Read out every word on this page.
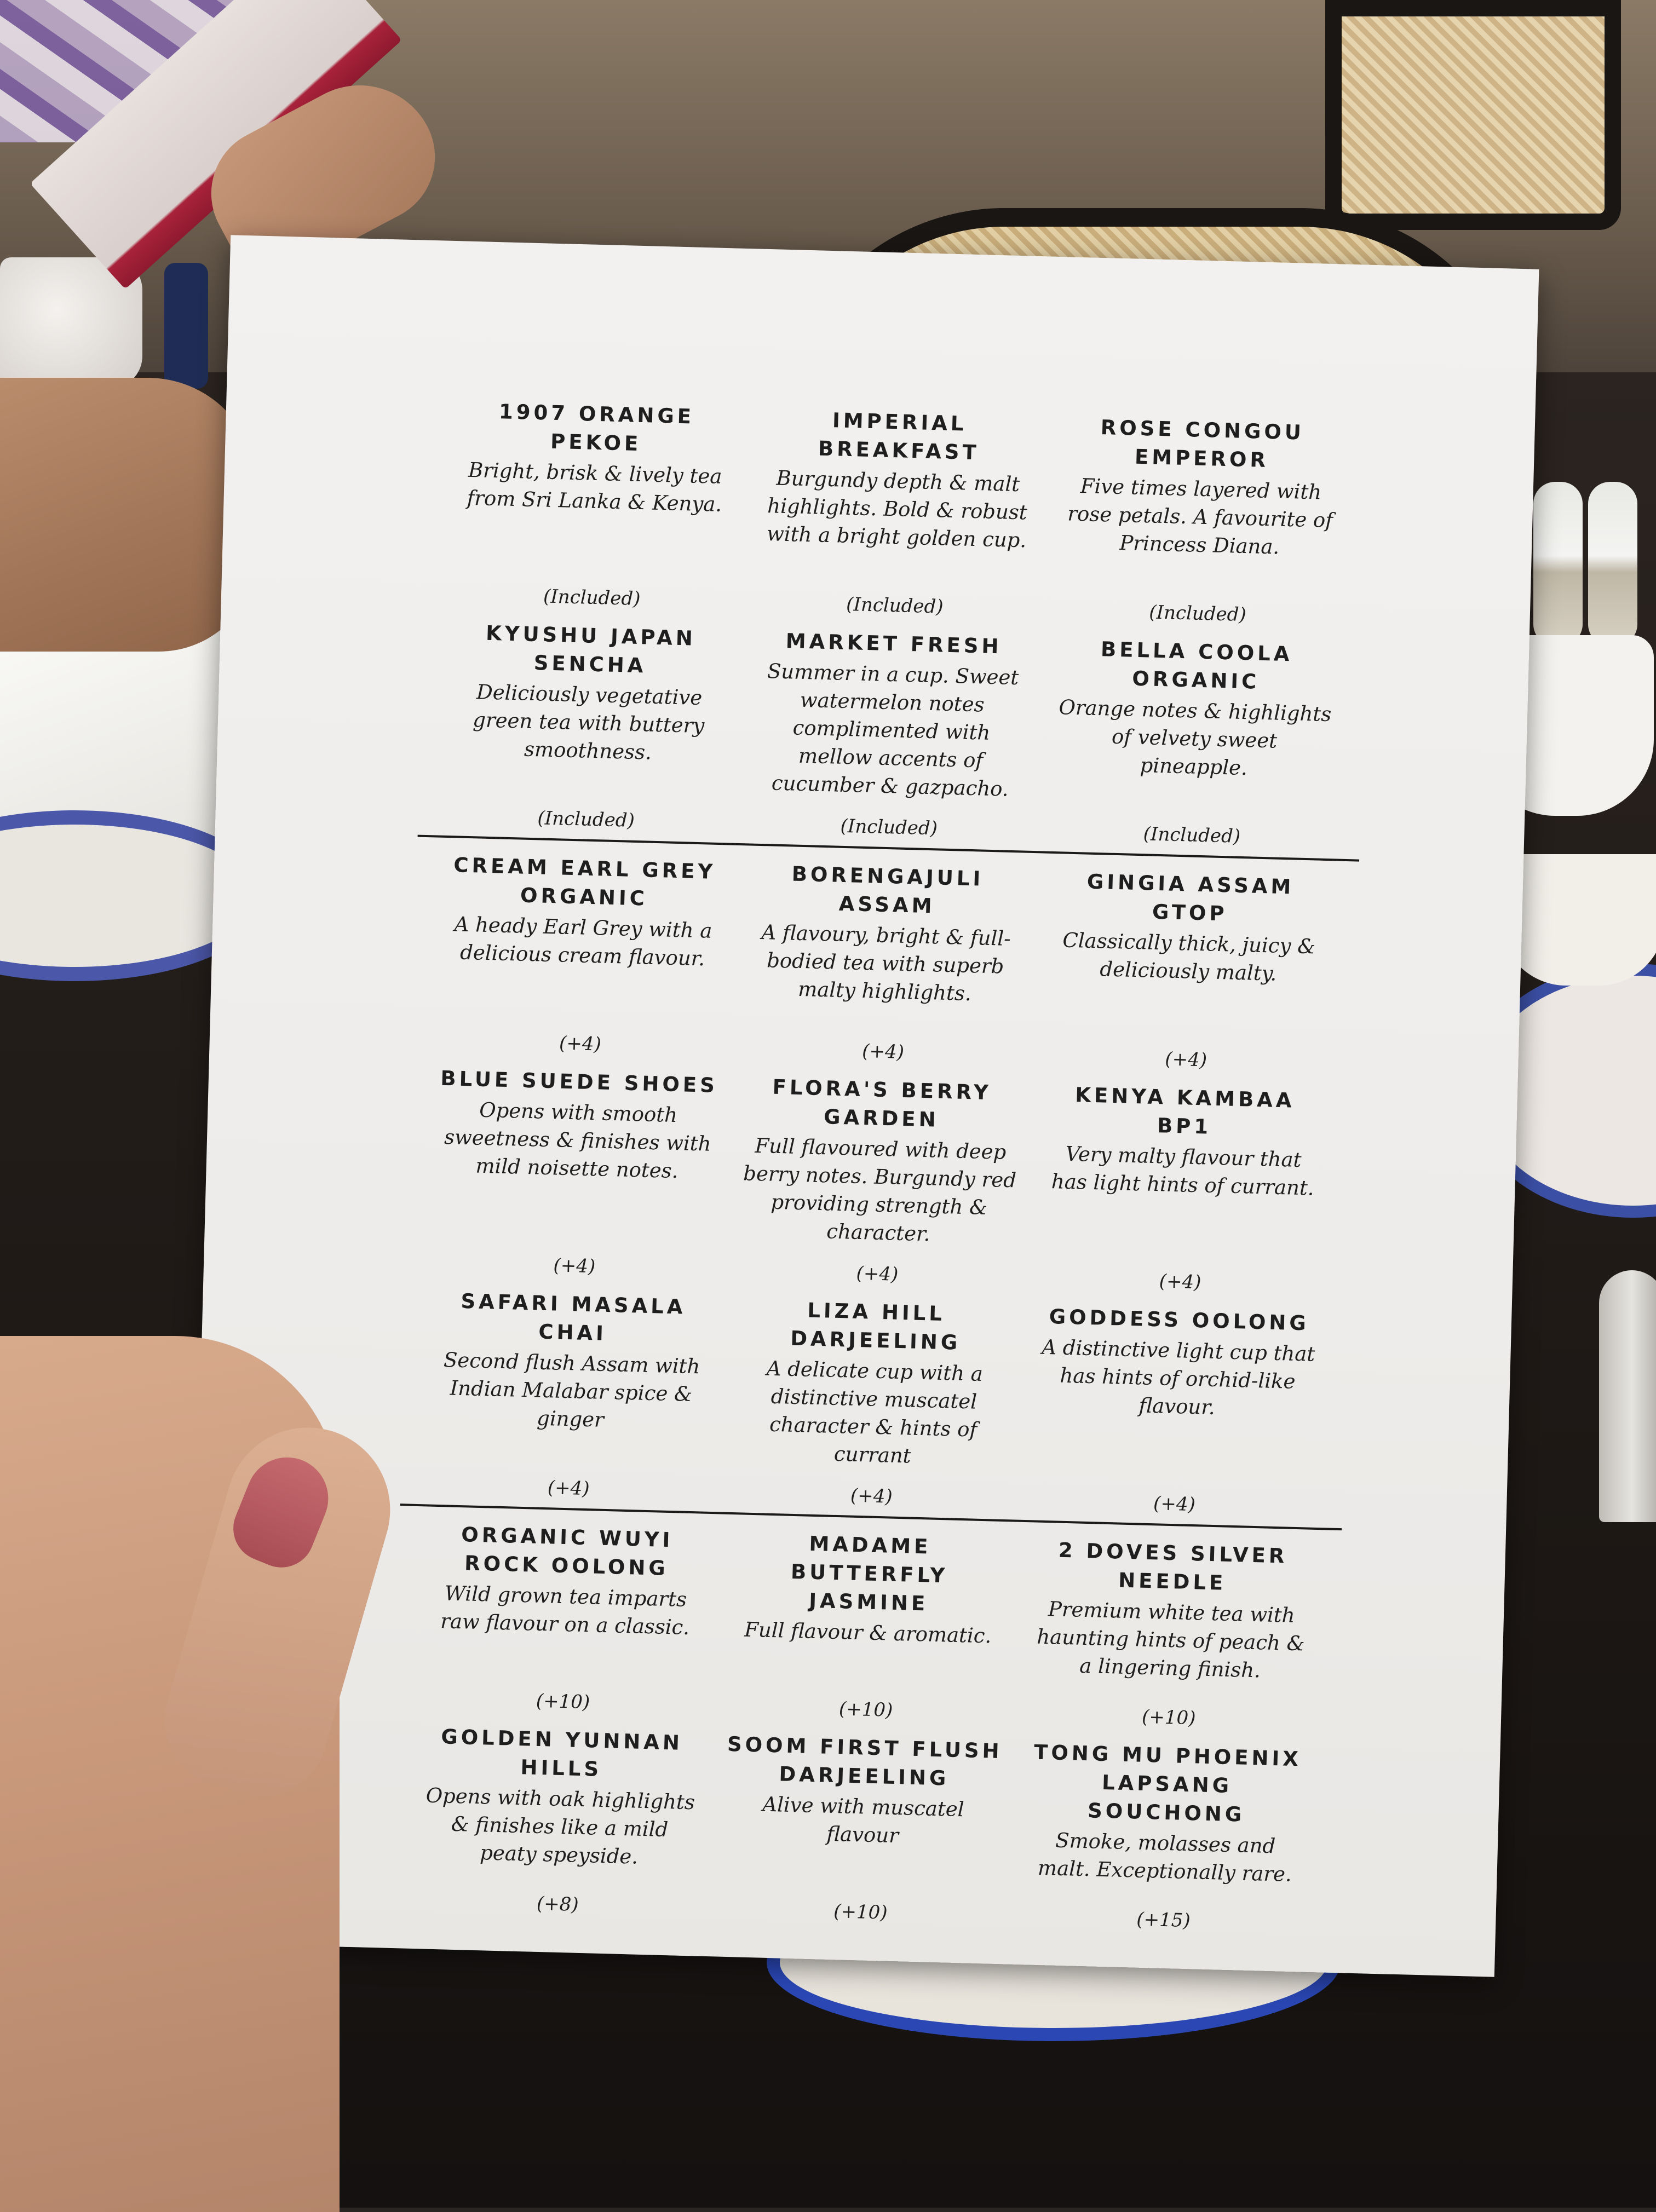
1907 ORANGE PEKOE
Bright, brisk & lively tea from Sri Lanka & Kenya.
(Included)
IMPERIAL BREAKFAST
Burgundy depth & malt highlights. Bold & robust with a bright golden cup.
(Included)
ROSE CONGOU EMPEROR
Five times layered with rose petals. A favourite of Princess Diana.
(Included)
KYUSHU JAPAN SENCHA
Deliciously vegetative green tea with buttery smoothness.
(Included)
MARKET FRESH
Summer in a cup. Sweet watermelon notes complimented with mellow accents of cucumber & gazpacho.
(Included)
BELLA COOLA ORGANIC
Orange notes & highlights of velvety sweet pineapple.
(Included)
CREAM EARL GREY ORGANIC
A heady Earl Grey with a delicious cream flavour.
(+4)
BORENGAJULI ASSAM
A flavoury, bright & full-bodied tea with superb malty highlights.
(+4)
GINGIA ASSAM GTOP
Classically thick, juicy & deliciously malty.
(+4)
BLUE SUEDE SHOES
Opens with smooth sweetness & finishes with mild noisette notes.
(+4)
FLORA'S BERRY GARDEN
Full flavoured with deep berry notes. Burgundy red providing strength & character.
(+4)
KENYA KAMBAA BP1
Very malty flavour that has light hints of currant.
(+4)
SAFARI MASALA CHAI
Second flush Assam with Indian Malabar spice & ginger
(+4)
LIZA HILL DARJEELING
A delicate cup with a distinctive muscatel character & hints of currant
(+4)
GODDESS OOLONG
A distinctive light cup that has hints of orchid-like flavour.
(+4)
ORGANIC WUYI ROCK OOLONG
Wild grown tea imparts raw flavour on a classic.
(+10)
MADAME BUTTERFLY JASMINE
Full flavour & aromatic.
(+10)
2 DOVES SILVER NEEDLE
Premium white tea with haunting hints of peach & a lingering finish.
(+10)
GOLDEN YUNNAN HILLS
Opens with oak highlights & finishes like a mild peaty speyside.
(+8)
SOOM FIRST FLUSH DARJEELING
Alive with muscatel flavour
(+10)
TONG MU PHOENIX LAPSANG SOUCHONG
Smoke, molasses and malt. Exceptionally rare.
(+15)
